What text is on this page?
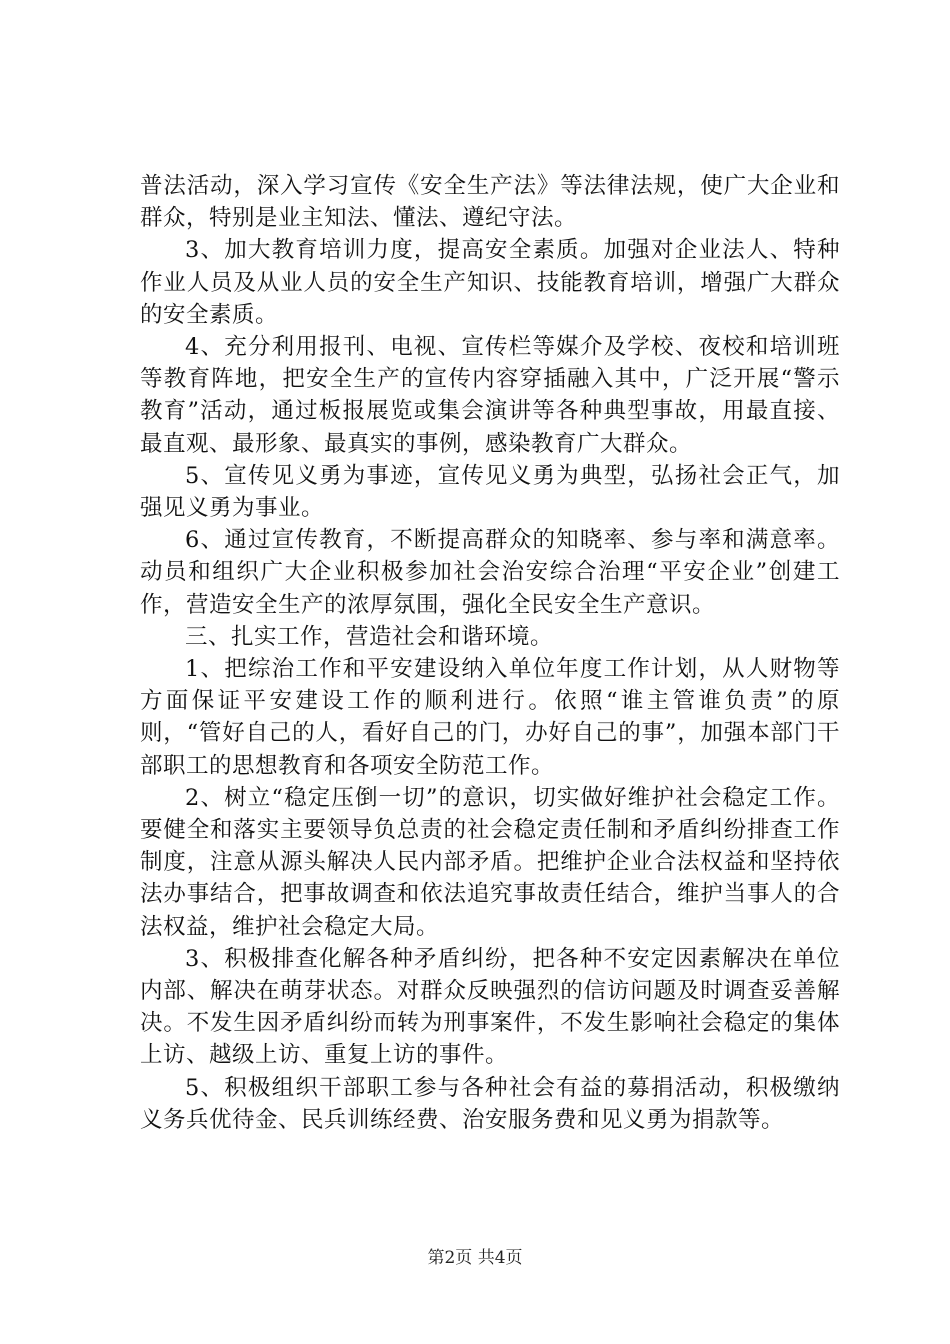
普法活动，深入学习宣传《安全生产法》等法律法规，使广大企业和群众，特别是业主知法、懂法、遵纪守法。

3、加大教育培训力度，提高安全素质。加强对企业法人、特种作业人员及从业人员的安全生产知识、技能教育培训，增强广大群众的安全素质。

4、充分利用报刊、电视、宣传栏等媒介及学校、夜校和培训班等教育阵地，把安全生产的宣传内容穿插融入其中，广泛开展“警示教育”活动，通过板报展览或集会演讲等各种典型事故，用最直接、最直观、最形象、最真实的事例，感染教育广大群众。

5、宣传见义勇为事迹，宣传见义勇为典型，弘扬社会正气，加强见义勇为事业。

6、通过宣传教育，不断提高群众的知晓率、参与率和满意率。动员和组织广大企业积极参加社会治安综合治理“平安企业”创建工作，营造安全生产的浓厚氛围，强化全民安全生产意识。

三、扎实工作，营造社会和谐环境。

1、把综治工作和平安建设纳入单位年度工作计划，从人财物等方面保证平安建设工作的顺利进行。依照“谁主管谁负责”的原则，“管好自己的人，看好自己的门，办好自己的事”，加强本部门干部职工的思想教育和各项安全防范工作。

2、树立“稳定压倒一切”的意识，切实做好维护社会稳定工作。要健全和落实主要领导负总责的社会稳定责任制和矛盾纠纷排查工作制度，注意从源头解决人民内部矛盾。把维护企业合法权益和坚持依法办事结合，把事故调查和依法追究事故责任结合，维护当事人的合法权益，维护社会稳定大局。

3、积极排查化解各种矛盾纠纷，把各种不安定因素解决在单位内部、解决在萌芽状态。对群众反映强烈的信访问题及时调查妥善解决。不发生因矛盾纠纷而转为刑事案件，不发生影响社会稳定的集体上访、越级上访、重复上访的事件。

5、积极组织干部职工参与各种社会有益的募捐活动，积极缴纳义务兵优待金、民兵训练经费、治安服务费和见义勇为捐款等。

第2页 共4页
